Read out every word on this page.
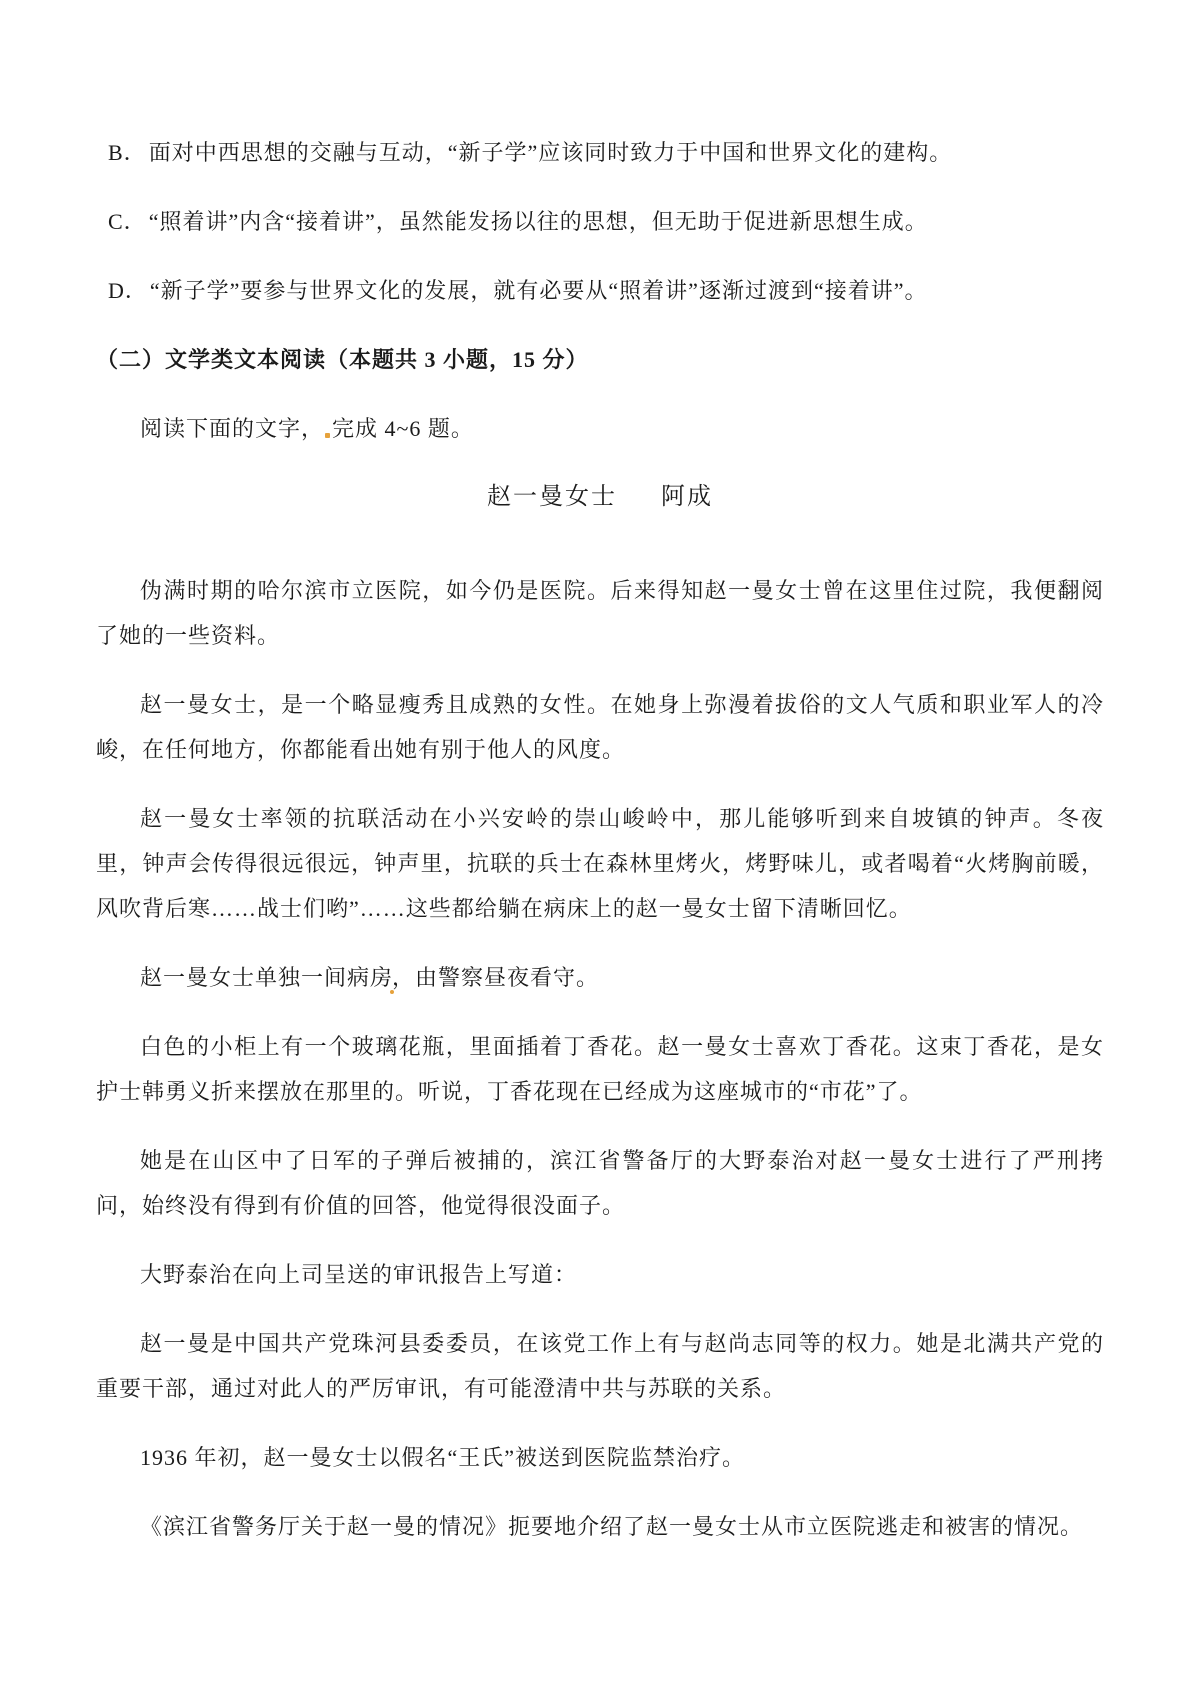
B．面对中西思想的交融与互动，“新子学”应该同时致力于中国和世界文化的建构。

C．“照着讲”内含“接着讲”，虽然能发扬以往的思想，但无助于促进新思想生成。

D．“新子学”要参与世界文化的发展，就有必要从“照着讲”逐渐过渡到“接着讲”。

（二）文学类文本阅读（本题共 3 小题，15 分）

阅读下面的文字， 完成 4~6 题。

赵一曼女士 阿成

伪满时期的哈尔滨市立医院，如今仍是医院。后来得知赵一曼女士曾在这里住过院，我便翻阅了她的一些资料。

赵一曼女士，是一个略显瘦秀且成熟的女性。在她身上弥漫着拔俗的文人气质和职业军人的冷峻，在任何地方，你都能看出她有别于他人的风度。

赵一曼女士率领的抗联活动在小兴安岭的崇山峻岭中，那儿能够听到来自坡镇的钟声。冬夜里，钟声会传得很远很远，钟声里，抗联的兵士在森林里烤火，烤野味儿，或者喝着“火烤胸前暖，风吹背后寒……战士们哟”……这些都给躺在病床上的赵一曼女士留下清晰回忆。

赵一曼女士单独一间病房，由警察昼夜看守。

白色的小柜上有一个玻璃花瓶，里面插着丁香花。赵一曼女士喜欢丁香花。这束丁香花，是女护士韩勇义折来摆放在那里的。听说，丁香花现在已经成为这座城市的“市花”了。

她是在山区中了日军的子弹后被捕的，滨江省警备厅的大野泰治对赵一曼女士进行了严刑拷问，始终没有得到有价值的回答，他觉得很没面子。

大野泰治在向上司呈送的审讯报告上写道：

赵一曼是中国共产党珠河县委委员，在该党工作上有与赵尚志同等的权力。她是北满共产党的重要干部，通过对此人的严厉审讯，有可能澄清中共与苏联的关系。

1936 年初，赵一曼女士以假名“王氏”被送到医院监禁治疗。

《滨江省警务厅关于赵一曼的情况》扼要地介绍了赵一曼女士从市立医院逃走和被害的情况。
